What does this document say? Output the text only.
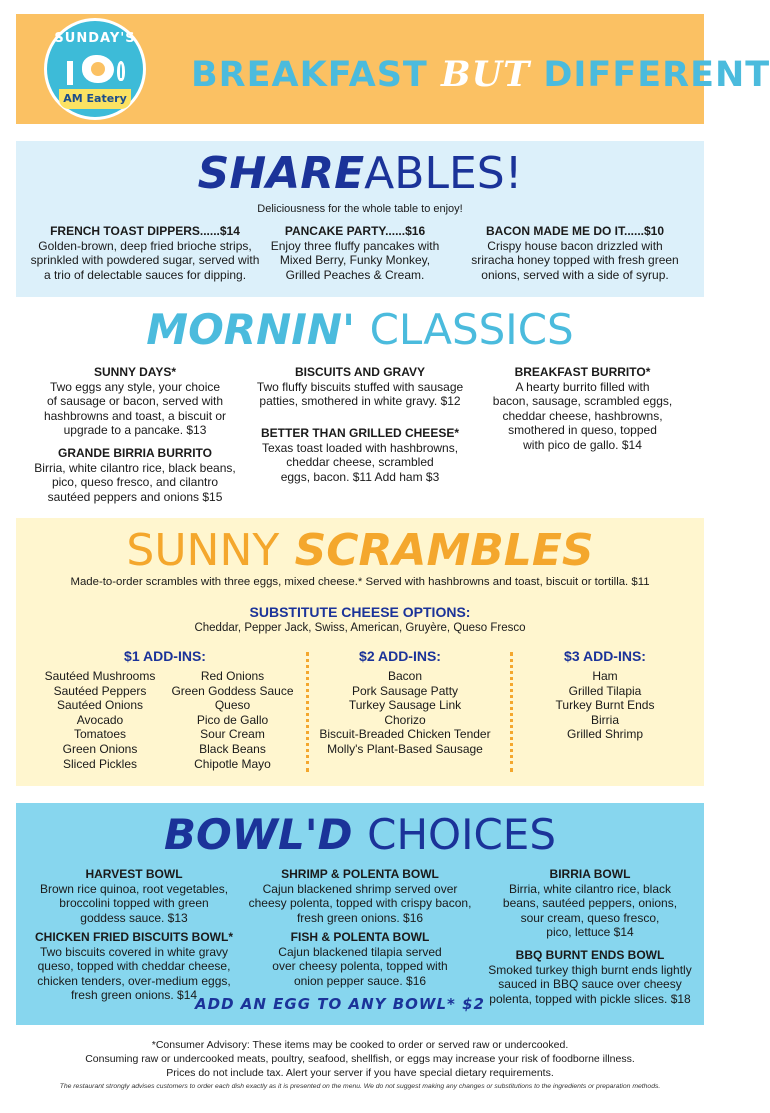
SUNDAY'S
AM Eatery
BREAKFAST BUT DIFFERENT
SHAREABLES!
Deliciousness for the whole table to enjoy!
FRENCH TOAST DIPPERS......$14
Golden-brown, deep fried brioche strips,
sprinkled with powdered sugar, served with
a trio of delectable sauces for dipping.
PANCAKE PARTY......$16
Enjoy three fluffy pancakes with
Mixed Berry, Funky Monkey,
Grilled Peaches & Cream.
BACON MADE ME DO IT......$10
Crispy house bacon drizzled with
sriracha honey topped with fresh green
onions, served with a side of syrup.
MORNIN' CLASSICS
SUNNY DAYS*
Two eggs any style, your choice
of sausage or bacon, served with
hashbrowns and toast, a biscuit or
upgrade to a pancake. $13
GRANDE BIRRIA BURRITO
Birria, white cilantro rice, black beans,
pico, queso fresco, and cilantro
sautéed peppers and onions $15
BISCUITS AND GRAVY
Two fluffy biscuits stuffed with sausage
patties, smothered in white gravy. $12
BETTER THAN GRILLED CHEESE*
Texas toast loaded with hashbrowns,
cheddar cheese, scrambled
eggs, bacon. $11 Add ham $3
BREAKFAST BURRITO*
A hearty burrito filled with
bacon, sausage, scrambled eggs,
cheddar cheese, hashbrowns,
smothered in queso, topped
with pico de gallo. $14
SUNNY SCRAMBLES
Made-to-order scrambles with three eggs, mixed cheese.* Served with hashbrowns and toast, biscuit or tortilla. $11
SUBSTITUTE CHEESE OPTIONS:
Cheddar, Pepper Jack, Swiss, American, Gruyère, Queso Fresco
$1 ADD-INS:
Sautéed Mushrooms
Sautéed Peppers
Sautéed Onions
Avocado
Tomatoes
Green Onions
Sliced Pickles
Red Onions
Green Goddess Sauce
Queso
Pico de Gallo
Sour Cream
Black Beans
Chipotle Mayo
$2 ADD-INS:
Bacon
Pork Sausage Patty
Turkey Sausage Link
Chorizo
Biscuit-Breaded Chicken Tender
Molly's Plant-Based Sausage
$3 ADD-INS:
Ham
Grilled Tilapia
Turkey Burnt Ends
Birria
Grilled Shrimp
BOWL'D CHOICES
HARVEST BOWL
Brown rice quinoa, root vegetables,
broccolini topped with green
goddess sauce. $13
CHICKEN FRIED BISCUITS BOWL*
Two biscuits covered in white gravy
queso, topped with cheddar cheese,
chicken tenders, over-medium eggs,
fresh green onions. $14
SHRIMP & POLENTA BOWL
Cajun blackened shrimp served over
cheesy polenta, topped with crispy bacon,
fresh green onions. $16
FISH & POLENTA BOWL
Cajun blackened tilapia served
over cheesy polenta, topped with
onion pepper sauce. $16
BIRRIA BOWL
Birria, white cilantro rice, black
beans, sautéed peppers, onions,
sour cream, queso fresco,
pico, lettuce $14
BBQ BURNT ENDS BOWL
Smoked turkey thigh burnt ends lightly
sauced in BBQ sauce over cheesy
polenta, topped with pickle slices. $18
ADD AN EGG TO ANY BOWL* $2
*Consumer Advisory: These items may be cooked to order or served raw or undercooked.
Consuming raw or undercooked meats, poultry, seafood, shellfish, or eggs may increase your risk of foodborne illness.
Prices do not include tax. Alert your server if you have special dietary requirements.
The restaurant strongly advises customers to order each dish exactly as it is presented on the menu. We do not suggest making any changes or substitutions to the ingredients or preparation methods.
